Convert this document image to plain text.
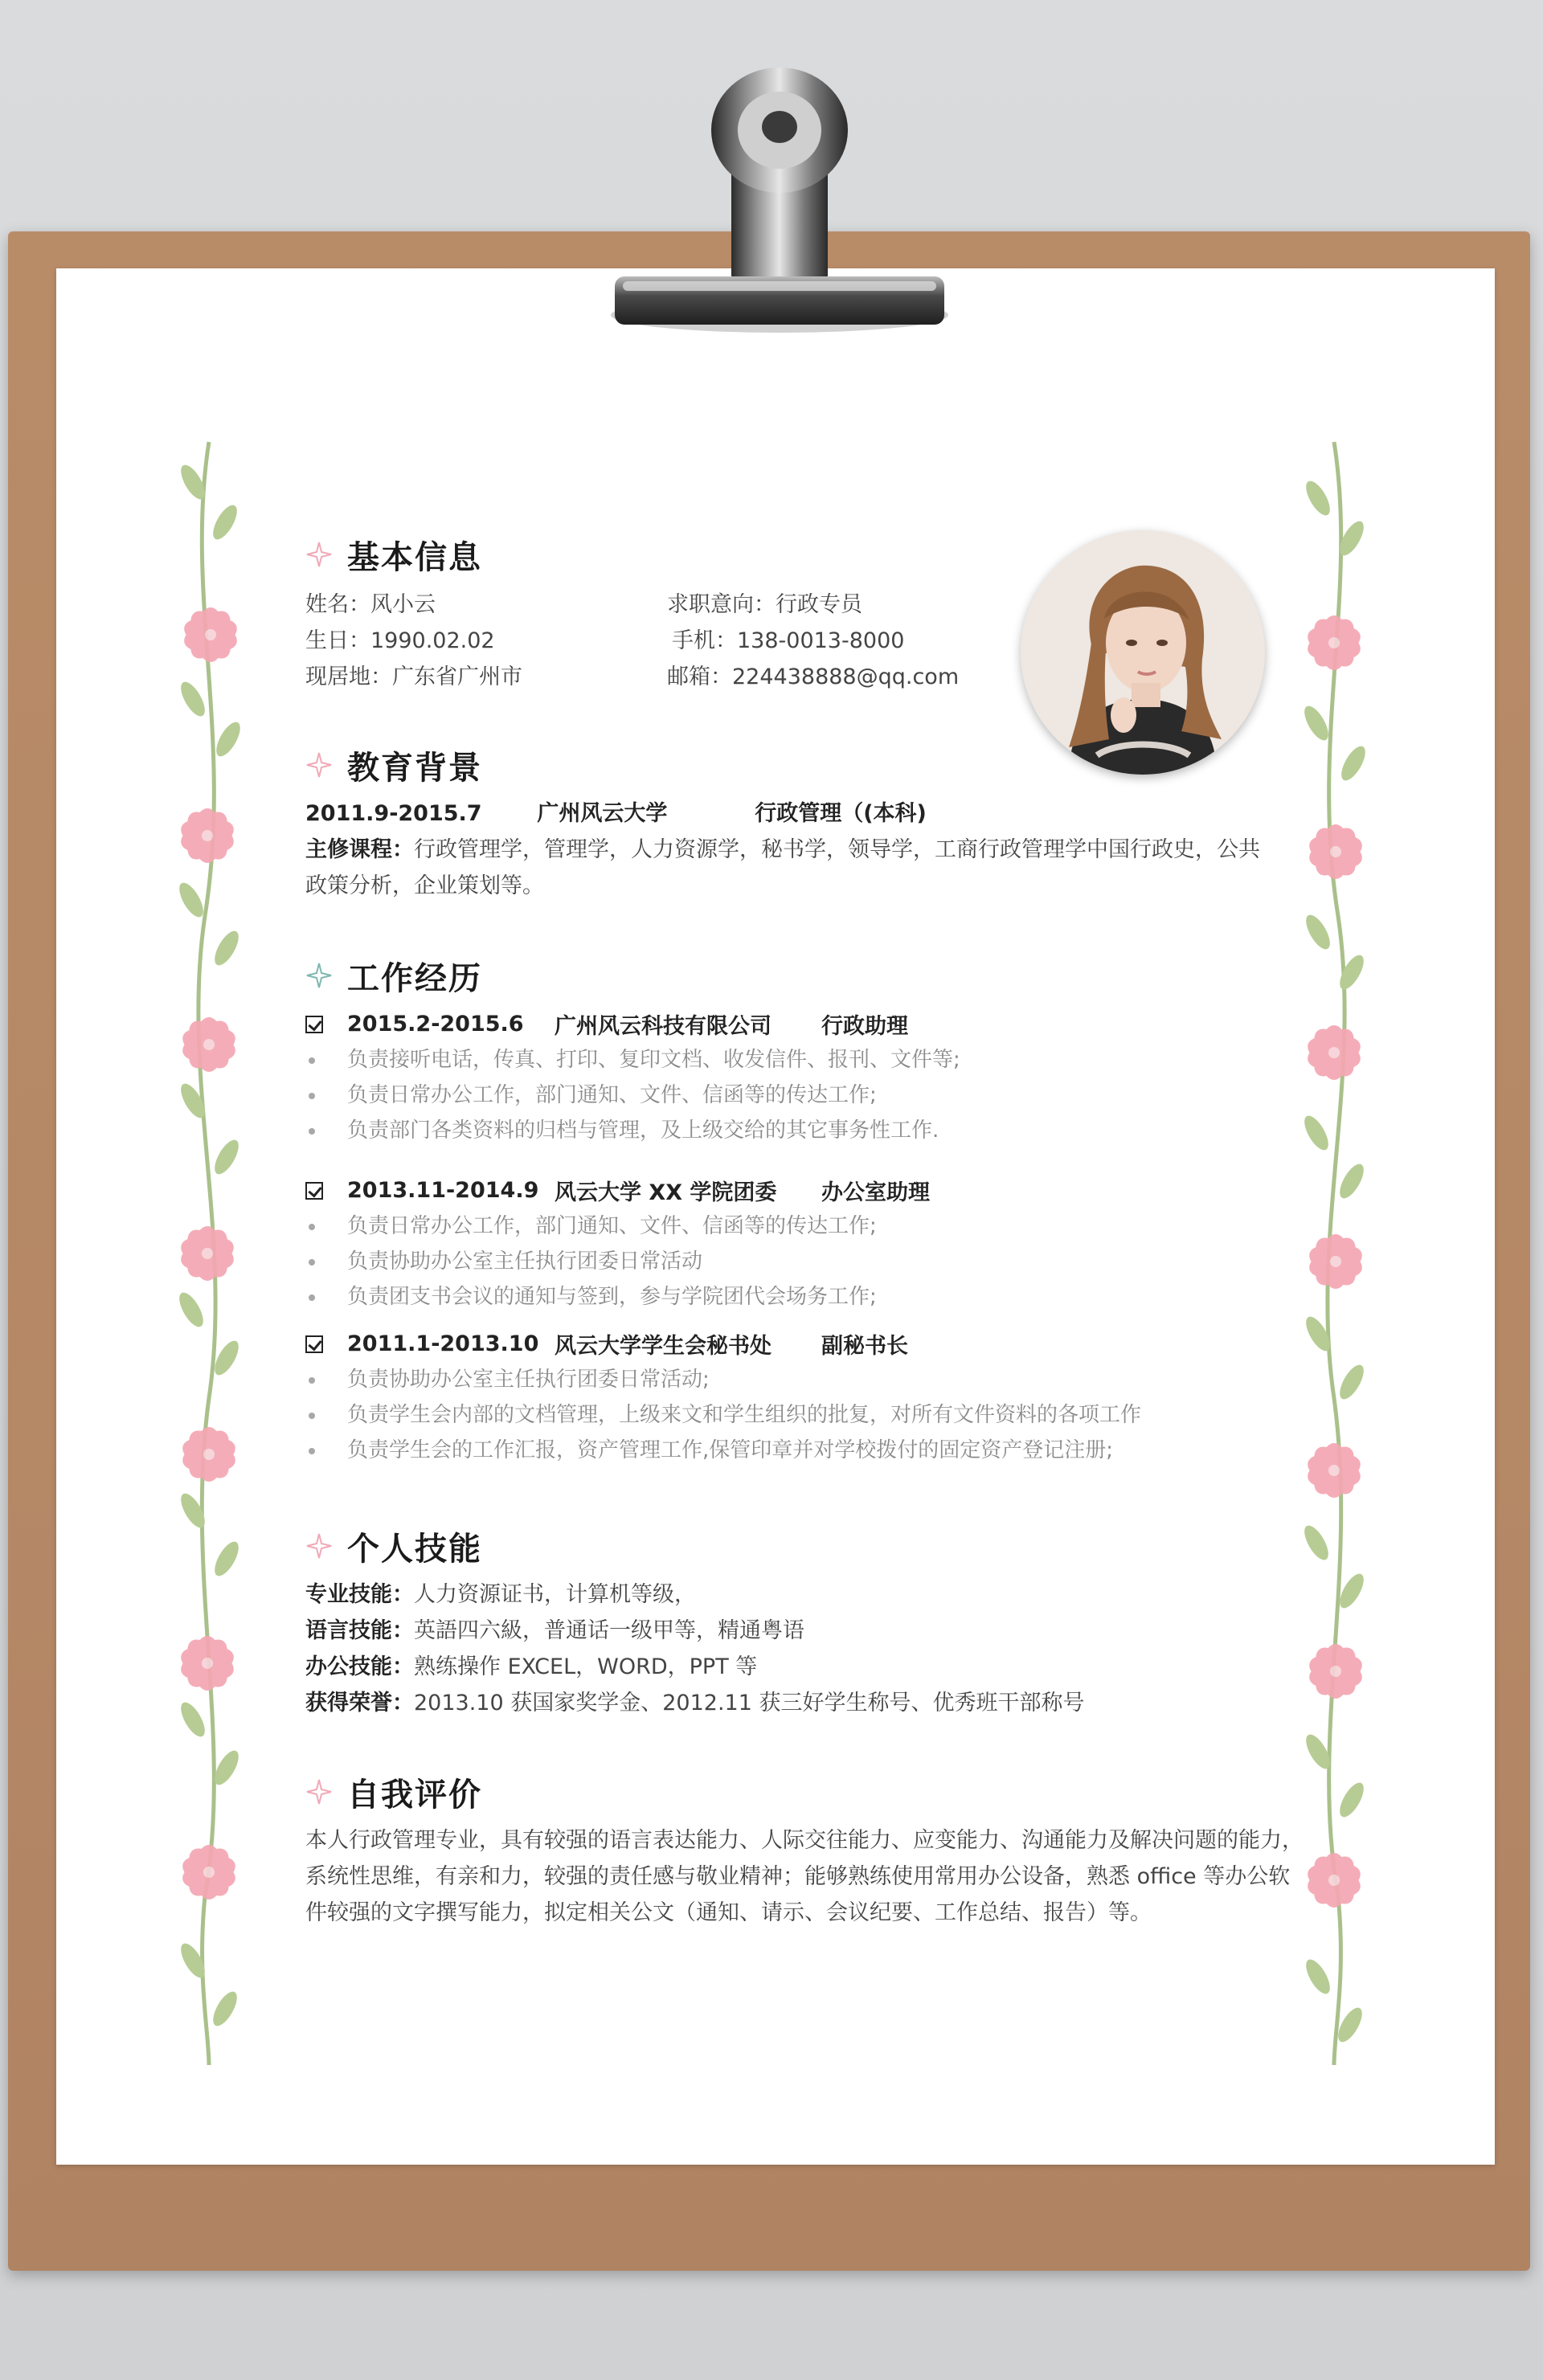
基本信息
姓名：风小云	求职意向：行政专员
生日：1990.02.02	手机：138-0013-8000
现居地：广东省广州市	邮箱：224438888@qq.com
教育背景
2011.9-2015.7	广州风云大学	行政管理（(本科)
主修课程：行政管理学，管理学，人力资源学，秘书学，领导学，工商行政管理学中国行政史，公共政策分析，企业策划等。
工作经历
2015.2-2015.6	广州风云科技有限公司	行政助理
负责接听电话，传真、打印、复印文档、收发信件、报刊、文件等;
负责日常办公工作，部门通知、文件、信函等的传达工作;
负责部门各类资料的归档与管理，及上级交给的其它事务性工作.
2013.11-2014.9 风云大学 XX 学院团委	办公室助理
负责日常办公工作，部门通知、文件、信函等的传达工作;
负责协助办公室主任执行团委日常活动
负责团支书会议的通知与签到，参与学院团代会场务工作;
2011.1-2013.10 风云大学学生会秘书处	副秘书长
负责协助办公室主任执行团委日常活动;
负责学生会内部的文档管理，上级来文和学生组织的批复，对所有文件资料的各项工作
负责学生会的工作汇报，资产管理工作,保管印章并对学校拨付的固定资产登记注册;
个人技能
专业技能：人力资源证书，计算机等级，
语言技能：英語四六級，普通话一级甲等，精通粤语
办公技能：熟练操作 EXCEL，WORD，PPT 等
获得荣誉：2013.10 获国家奖学金、2012.11 获三好学生称号、优秀班干部称号
自我评价
本人行政管理专业，具有较强的语言表达能力、人际交往能力、应变能力、沟通能力及解决问题的能力，
系统性思维，有亲和力，较强的责任感与敬业精神；能够熟练使用常用办公设备，熟悉 office 等办公软
件较强的文字撰写能力，拟定相关公文（通知、请示、会议纪要、工作总结、报告）等。
